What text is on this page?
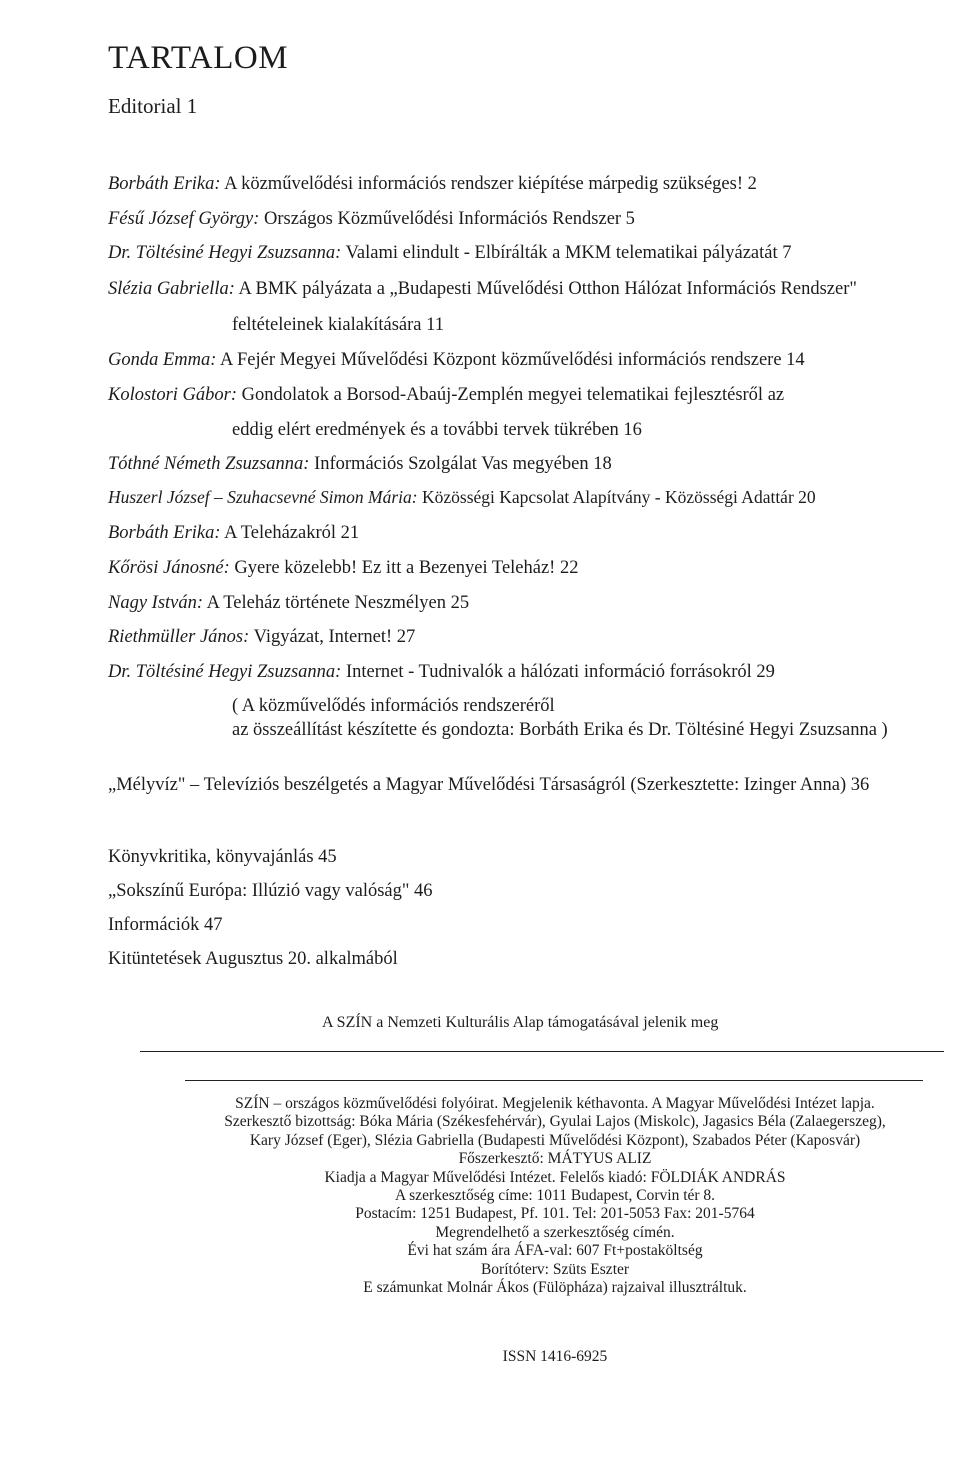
TARTALOM
Editorial 1
Borbáth Erika: A közművelődési információs rendszer kiépítése márpedig szükséges! 2
Fésű József György: Országos Közművelődési Információs Rendszer 5
Dr. Töltésiné Hegyi Zsuzsanna: Valami elindult - Elbírálták a MKM telematikai pályázatát 7
Slézia Gabriella: A BMK pályázata a „Budapesti Művelődési Otthon Hálózat Információs Rendszer"
feltételeinek kialakítására 11
Gonda Emma: A Fejér Megyei Művelődési Központ közművelődési információs rendszere 14
Kolostori Gábor: Gondolatok a Borsod-Abaúj-Zemplén megyei telematikai fejlesztésről az
eddig elért eredmények és a további tervek tükrében 16
Tóthné Németh Zsuzsanna: Információs Szolgálat Vas megyében 18
Huszerl József – Szuhacsevné Simon Mária: Közösségi Kapcsolat Alapítvány - Közösségi Adattár 20
Borbáth Erika: A Teleházakról 21
Kőrösi Jánosné: Gyere közelebb! Ez itt a Bezenyei Teleház! 22
Nagy István: A Teleház története Neszmélyen 25
Riethmüller János: Vigyázat, Internet! 27
Dr. Töltésiné Hegyi Zsuzsanna: Internet - Tudnivalók a hálózati információ forrásokról 29
( A közművelődés információs rendszeréről
az összeállítást készítette és gondozta: Borbáth Erika és Dr. Töltésiné Hegyi Zsuzsanna )
„Mélyvíz" – Televíziós beszélgetés a Magyar Művelődési Társaságról (Szerkesztette: Izinger Anna) 36
Könyvkritika, könyvajánlás 45
„Sokszínű Európa: Illúzió vagy valóság" 46
Információk 47
Kitüntetések Augusztus 20. alkalmából
A SZÍN a Nemzeti Kulturális Alap támogatásával jelenik meg
SZÍN – országos közművelődési folyóirat. Megjelenik kéthavonta. A Magyar Művelődési Intézet lapja.
Szerkesztő bizottság: Bóka Mária (Székesfehérvár), Gyulai Lajos (Miskolc), Jagasics Béla (Zalaegerszeg),
Kary József (Eger), Slézia Gabriella (Budapesti Művelődési Központ), Szabados Péter (Kaposvár)
Főszerkesztő: MÁTYUS ALIZ
Kiadja a Magyar Művelődési Intézet. Felelős kiadó: FÖLDIÁK ANDRÁS
A szerkesztőség címe: 1011 Budapest, Corvin tér 8.
Postacím: 1251 Budapest, Pf. 101. Tel: 201-5053 Fax: 201-5764
Megrendelhető a szerkesztőség címén.
Évi hat szám ára ÁFA-val: 607 Ft+postaköltség
Borítóterv: Szüts Eszter
E számunkat Molnár Ákos (Fülöpháza) rajzaival illusztráltuk.
ISSN 1416-6925
